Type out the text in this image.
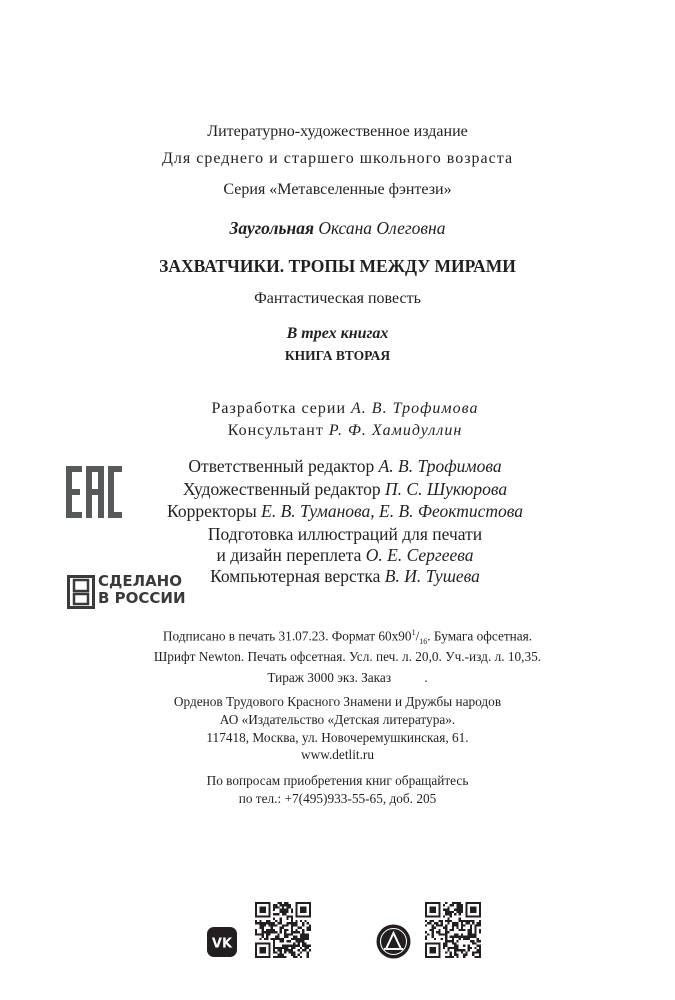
Литературно-художественное издание
Для среднего и старшего школьного возраста
Серия «Метавселенные фэнтези»
Заугольная Оксана Олеговна
ЗАХВАТЧИКИ. ТРОПЫ МЕЖДУ МИРАМИ
Фантастическая повесть
В трех книгах
КНИГА ВТОРАЯ
Разработка серии А. В. Трофимова
Консультант Р. Ф. Хамидуллин
Ответственный редактор А. В. Трофимова
Художественный редактор П. С. Шукюрова
Корректоры Е. В. Туманова, Е. В. Феоктистова
Подготовка иллюстраций для печати
и дизайн переплета О. Е. Сергеева
Компьютерная верстка В. И. Тушева
СДЕЛАНО
В РОССИИ
Подписано в печать 31.07.23. Формат $60х90^1/_{16}$. Бумага офсетная.
Шрифт Newton. Печать офсетная. Усл. печ. л. 20,0. Уч.-изд. л. 10,35.
Тираж 3000 экз. Заказ          .
Орденов Трудового Красного Знамени и Дружбы народов
АО «Издательство «Детская литература».
117418, Москва, ул. Новочеремушкинская, 61.
www.detlit.ru
По вопросам приобретения книг обращайтесь
по тел.: +7(495)933-55-65, доб. 205
VK
